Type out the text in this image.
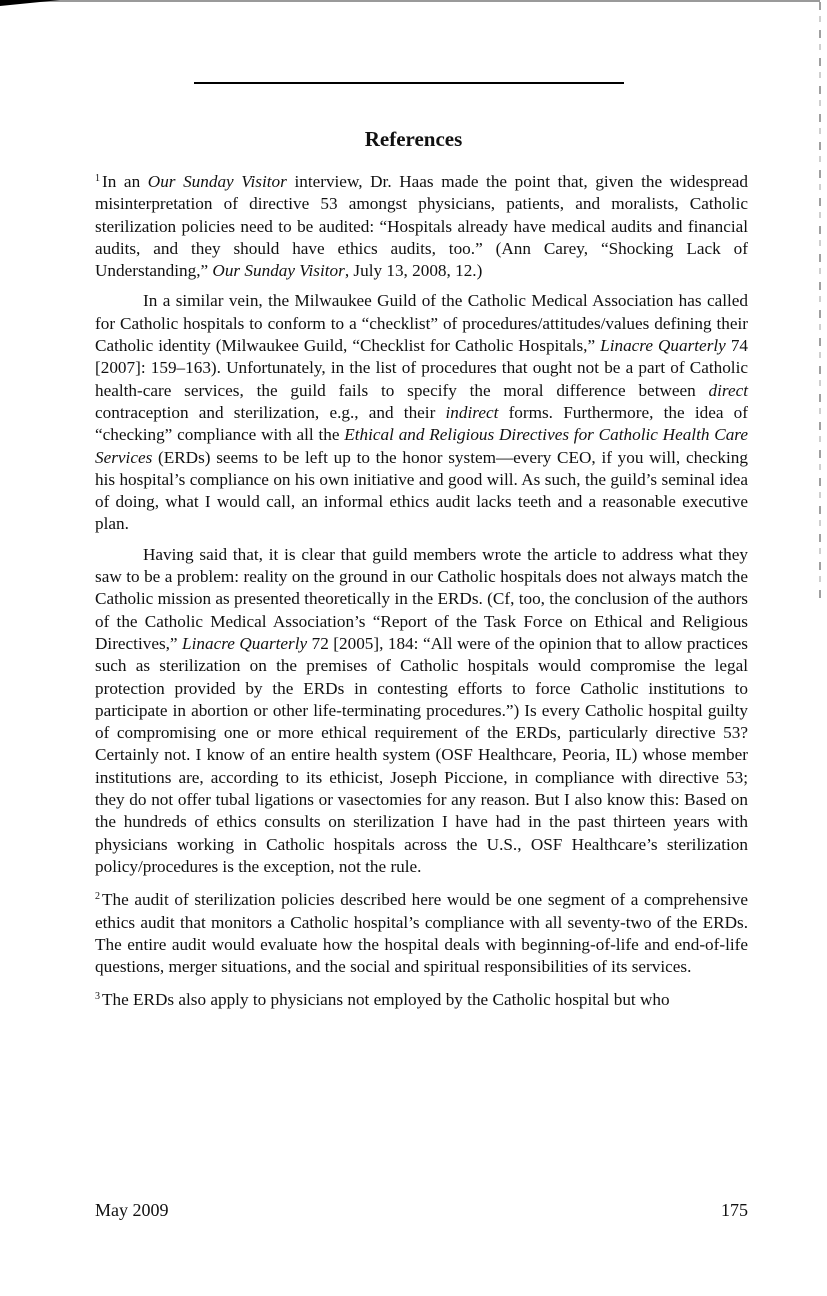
References

$^1$ In an Our Sunday Visitor interview, Dr. Haas made the point that, given the widespread misinterpretation of directive 53 amongst physicians, patients, and moralists, Catholic sterilization policies need to be audited: “Hospitals already have medical audits and financial audits, and they should have ethics audits, too.” (Ann Carey, “Shocking Lack of Understanding,” Our Sunday Visitor, July 13, 2008, 12.)

In a similar vein, the Milwaukee Guild of the Catholic Medical Association has called for Catholic hospitals to conform to a “checklist” of procedures/attitudes/values defining their Catholic identity (Milwaukee Guild, “Checklist for Catholic Hospitals,” Linacre Quarterly 74 [2007]: 159–163). Unfortunately, in the list of procedures that ought not be a part of Catholic health-care services, the guild fails to specify the moral difference between direct contraception and sterilization, e.g., and their indirect forms. Furthermore, the idea of “checking” compliance with all the Ethical and Religious Directives for Catholic Health Care Services (ERDs) seems to be left up to the honor system—every CEO, if you will, checking his hospital’s compliance on his own initiative and good will. As such, the guild’s seminal idea of doing, what I would call, an informal ethics audit lacks teeth and a reasonable executive plan.

Having said that, it is clear that guild members wrote the article to address what they saw to be a problem: reality on the ground in our Catholic hospitals does not always match the Catholic mission as presented theoretically in the ERDs. (Cf, too, the conclusion of the authors of the Catholic Medical Association’s “Report of the Task Force on Ethical and Religious Directives,” Linacre Quarterly 72 [2005], 184: “All were of the opinion that to allow practices such as sterilization on the premises of Catholic hospitals would compromise the legal protection provided by the ERDs in contesting efforts to force Catholic institutions to participate in abortion or other life-terminating procedures.”) Is every Catholic hospital guilty of compromising one or more ethical requirement of the ERDs, particularly directive 53? Certainly not. I know of an entire health system (OSF Healthcare, Peoria, IL) whose member institutions are, according to its ethicist, Joseph Piccione, in compliance with directive 53; they do not offer tubal ligations or vasectomies for any reason. But I also know this: Based on the hundreds of ethics consults on sterilization I have had in the past thirteen years with physicians working in Catholic hospitals across the U.S., OSF Healthcare’s sterilization policy/procedures is the exception, not the rule.

$^2$ The audit of sterilization policies described here would be one segment of a comprehensive ethics audit that monitors a Catholic hospital’s compliance with all seventy-two of the ERDs. The entire audit would evaluate how the hospital deals with beginning-of-life and end-of-life questions, merger situations, and the social and spiritual responsibilities of its services.

$^3$ The ERDs also apply to physicians not employed by the Catholic hospital but who

May 2009	175
